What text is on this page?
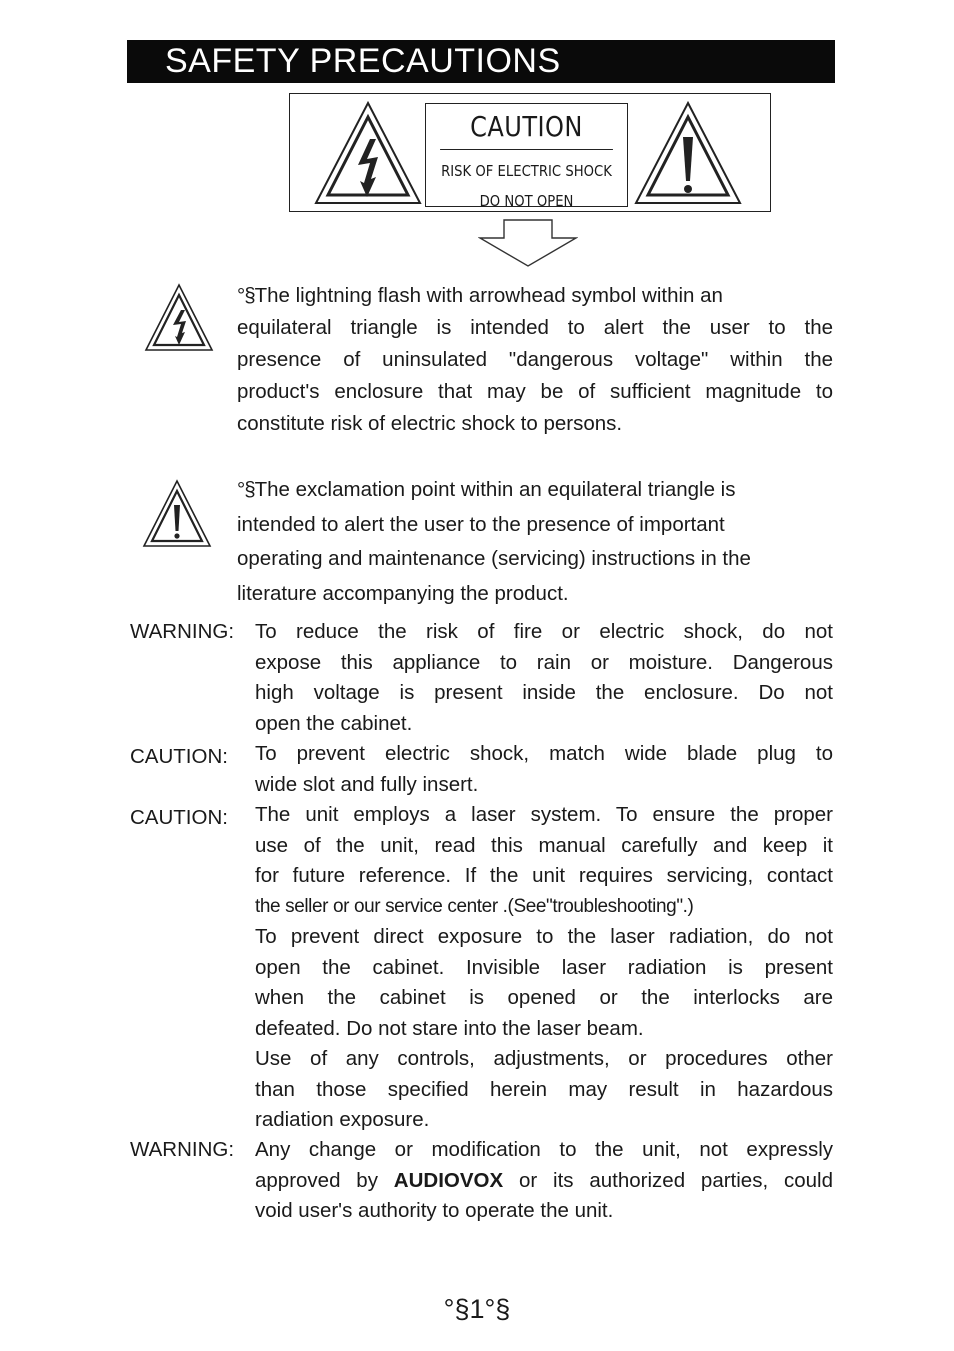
SAFETY PRECAUTIONS
CAUTION
RISK OF ELECTRIC SHOCK
DO NOT OPEN
°§The lightning flash with arrowhead symbol within an
equilateral triangle is intended to alert the user to the
presence of uninsulated "dangerous voltage" within the
product's enclosure that may be of sufficient magnitude to
constitute risk of electric shock to persons.
°§The exclamation point within an equilateral triangle is
intended to alert the user to the presence of important
operating and maintenance (servicing) instructions in the
literature accompanying the product.
WARNING: To reduce the risk of fire or electric shock, do not
expose this appliance to rain or moisture. Dangerous
high voltage is present inside the enclosure. Do not
open the cabinet.
CAUTION: To prevent electric shock, match wide blade plug to
wide slot and fully insert.
CAUTION: The unit employs a laser system. To ensure the proper
use of the unit, read this manual carefully and keep it
for future reference. If the unit requires servicing, contact
the seller or our service center .(See"troubleshooting".)
To prevent direct exposure to the laser radiation, do not
open the cabinet. Invisible laser radiation is present
when the cabinet is opened or the interlocks are
defeated. Do not stare into the laser beam.
Use of any controls, adjustments, or procedures other
than those specified herein may result in hazardous
radiation exposure.
WARNING: Any change or modification to the unit, not expressly
approved by AUDIOVOX or its authorized parties, could
void user's authority to operate the unit.
°§1°§
